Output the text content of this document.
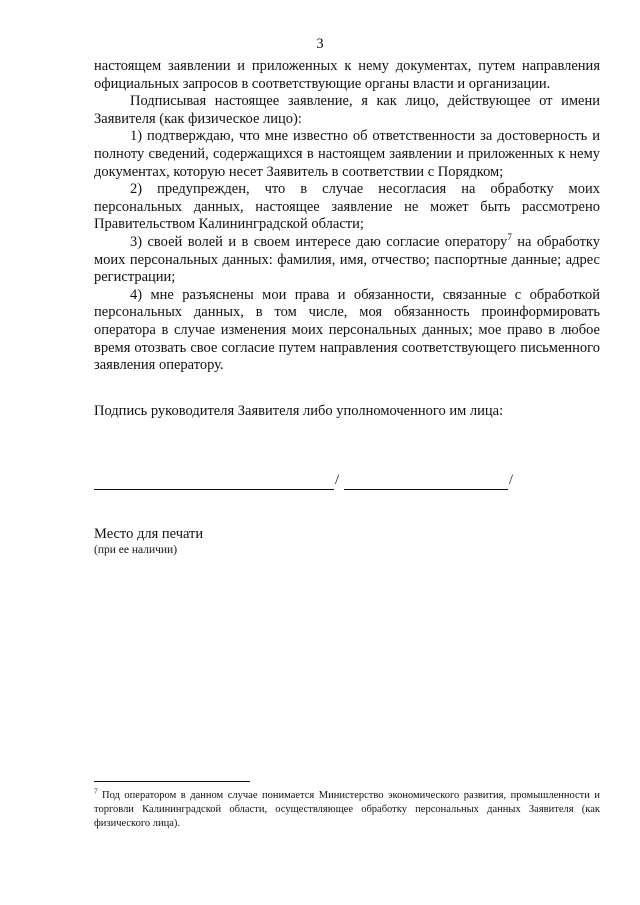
3

настоящем заявлении и приложенных к нему документах, путем направления официальных запросов в соответствующие органы власти и организации.

Подписывая настоящее заявление, я как лицо, действующее от имени Заявителя (как физическое лицо):

1) подтверждаю, что мне известно об ответственности за достоверность и полноту сведений, содержащихся в настоящем заявлении и приложенных к нему документах, которую несет Заявитель в соответствии с Порядком;

2) предупрежден, что в случае несогласия на обработку моих персональных данных, настоящее заявление не может быть рассмотрено Правительством Калининградской области;

3) своей волей и в своем интересе даю согласие оператору$^7$ на обработку моих персональных данных: фамилия, имя, отчество; паспортные данные; адрес регистрации;

4) мне разъяснены мои права и обязанности, связанные с обработкой персональных данных, в том числе, моя обязанность проинформировать оператора в случае изменения моих персональных данных; мое право в любое время отозвать свое согласие путем направления соответствующего письменного заявления оператору.

Подпись руководителя Заявителя либо уполномоченного им лица:
/	/
Место для печати
(при ее наличии)
$^7$ Под оператором в данном случае понимается Министерство экономического развития, промышленности и торговли Калининградской области, осуществляющее обработку персональных данных Заявителя (как физического лица).
